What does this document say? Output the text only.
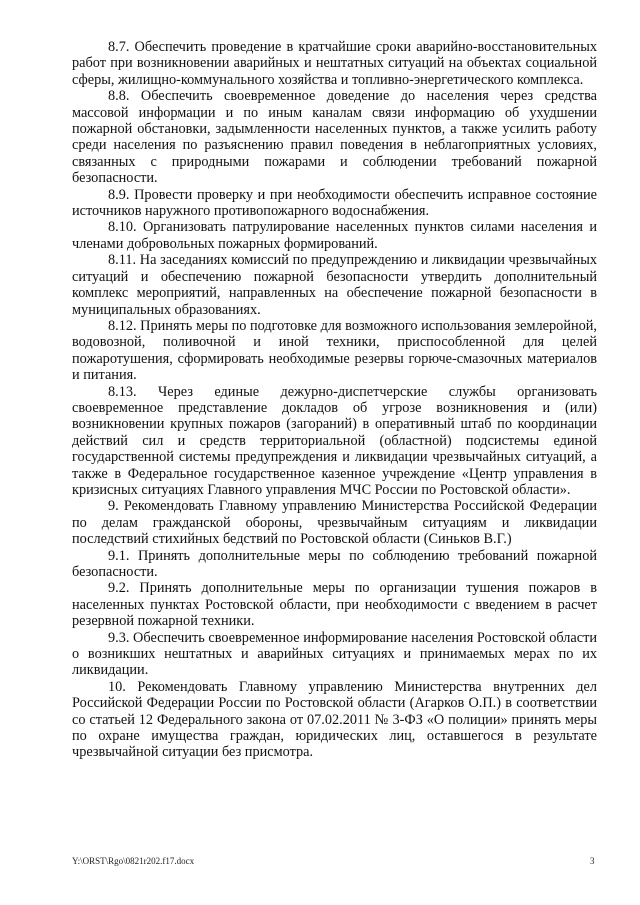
8.7. Обеспечить проведение в кратчайшие сроки аварийно-восстановительных работ при возникновении аварийных и нештатных ситуаций на объектах социальной сферы, жилищно-коммунального хозяйства и топливно-энергетического комплекса.

8.8. Обеспечить своевременное доведение до населения через средства массовой информации и по иным каналам связи информацию об ухудшении пожарной обстановки, задымленности населенных пунктов, а также усилить работу среди населения по разъяснению правил поведения в неблагоприятных условиях, связанных с природными пожарами и соблюдении требований пожарной безопасности.

8.9. Провести проверку и при необходимости обеспечить исправное состояние источников наружного противопожарного водоснабжения.

8.10. Организовать патрулирование населенных пунктов силами населения и членами добровольных пожарных формирований.

8.11. На заседаниях комиссий по предупреждению и ликвидации чрезвычайных ситуаций и обеспечению пожарной безопасности утвердить дополнительный комплекс мероприятий, направленных на обеспечение пожарной безопасности в муниципальных образованиях.

8.12. Принять меры по подготовке для возможного использования землеройной, водовозной, поливочной и иной техники, приспособленной для целей пожаротушения, сформировать необходимые резервы горюче-смазочных материалов и питания.

8.13. Через единые дежурно-диспетчерские службы организовать своевременное представление докладов об угрозе возникновения и (или) возникновении крупных пожаров (загораний) в оперативный штаб по координации действий сил и средств территориальной (областной) подсистемы единой государственной системы предупреждения и ликвидации чрезвычайных ситуаций, а также в Федеральное государственное казенное учреждение «Центр управления в кризисных ситуациях Главного управления МЧС России по Ростовской области».

9. Рекомендовать Главному управлению Министерства Российской Федерации по делам гражданской обороны, чрезвычайным ситуациям и ликвидации последствий стихийных бедствий по Ростовской области (Синьков В.Г.)

9.1. Принять дополнительные меры по соблюдению требований пожарной безопасности.

9.2. Принять дополнительные меры по организации тушения пожаров в населенных пунктах Ростовской области, при необходимости с введением в расчет резервной пожарной техники.

9.3. Обеспечить своевременное информирование населения Ростовской области о возникших нештатных и аварийных ситуациях и принимаемых мерах по их ликвидации.

10. Рекомендовать Главному управлению Министерства внутренних дел Российской Федерации России по Ростовской области (Агарков О.П.) в соответствии со статьей 12 Федерального закона от 07.02.2011 № 3-ФЗ «О полиции» принять меры по охране имущества граждан, юридических лиц, оставшегося в результате чрезвычайной ситуации без присмотра.

Y:\ORST\Rgo\0821r202.f17.docx	3
